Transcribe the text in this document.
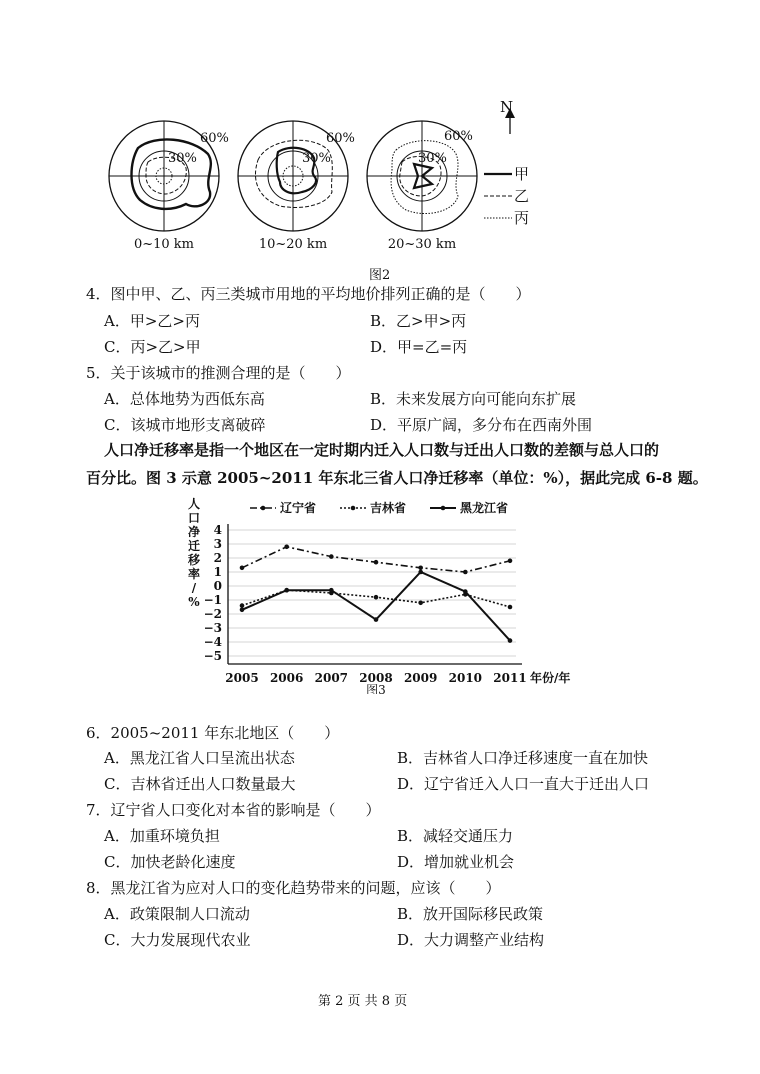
60%
30%
60%
30%
60%
30%
0~10 km	10~20 km	20~30 km
N
甲
乙
丙
图2
4．图中甲、乙、丙三类城市用地的平均地价排列正确的是（　　）
A．甲>乙>丙	B．乙>甲>丙
C．丙>乙>甲	D．甲=乙=丙
5．关于该城市的推测合理的是（　　）
A．总体地势为西低东高	B．未来发展方向可能向东扩展
C．该城市地形支离破碎	D．平原广阔，多分布在西南外围
人口净迁移率是指一个地区在一定时期内迁入人口数与迁出人口数的差额与总人口的
百分比。图 3 示意 2005~2011 年东北三省人口净迁移率（单位：%），据此完成 6-8 题。
4
3
2
1
0
−1
−2
−3
−4
−5
2005 2006 2007 2008 2009 2010 2011 年份/年
人
口
净
迁
移
率
/
%
辽宁省	吉林省	黑龙江省
图3
6．2005~2011 年东北地区（　　）
A．黑龙江省人口呈流出状态	B．吉林省人口净迁移速度一直在加快
C．吉林省迁出人口数量最大	D．辽宁省迁入人口一直大于迁出人口
7．辽宁省人口变化对本省的影响是（　　）
A．加重环境负担	B．减轻交通压力
C．加快老龄化速度	D．增加就业机会
8．黑龙江省为应对人口的变化趋势带来的问题，应该（　　）
A．政策限制人口流动	B．放开国际移民政策
C．大力发展现代农业	D．大力调整产业结构
第 2 页 共 8 页
